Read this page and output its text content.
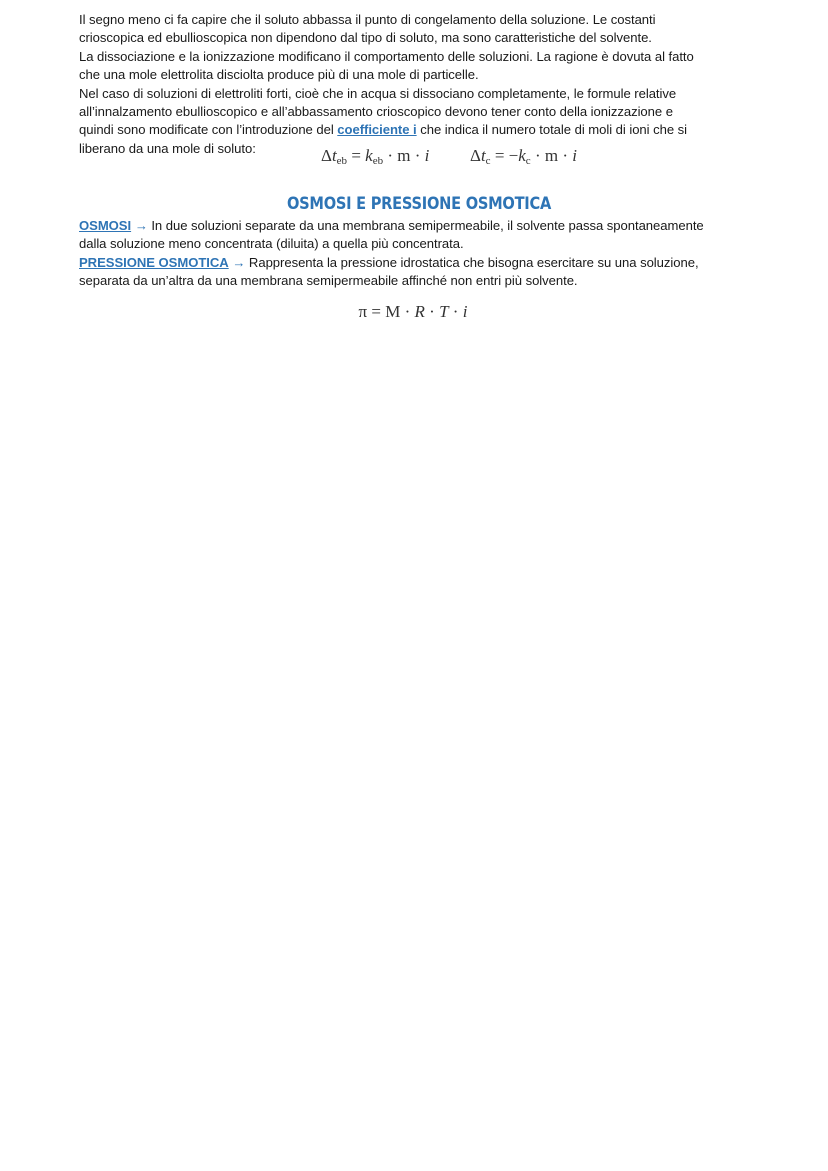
Il segno meno ci fa capire che il soluto abbassa il punto di congelamento della soluzione. Le costanti
crioscopica ed ebullioscopica non dipendono dal tipo di soluto, ma sono caratteristiche del solvente.
La dissociazione e la ionizzazione modificano il comportamento delle soluzioni. La ragione è dovuta al fatto
che una mole elettrolita disciolta produce più di una mole di particelle.
Nel caso di soluzioni di elettroliti forti, cioè che in acqua si dissociano completamente, le formule relative
all’innalzamento ebullioscopico e all’abbassamento crioscopico devono tener conto della ionizzazione e
quindi sono modificate con l’introduzione del coefficiente i che indica il numero totale di moli di ioni che si
liberano da una mole di soluto:	$\Delta t_{eb} = k_{eb} \cdot m \cdot i$ $\Delta t_c = -k_c \cdot m \cdot i$
OSMOSI E PRESSIONE OSMOTICA
OSMOSI → In due soluzioni separate da una membrana semipermeabile, il solvente passa spontaneamente
dalla soluzione meno concentrata (diluita) a quella più concentrata.
PRESSIONE OSMOTICA → Rappresenta la pressione idrostatica che bisogna esercitare su una soluzione,
separata da un’altra da una membrana semipermeabile affinché non entri più solvente.
π = M · R · T · i
